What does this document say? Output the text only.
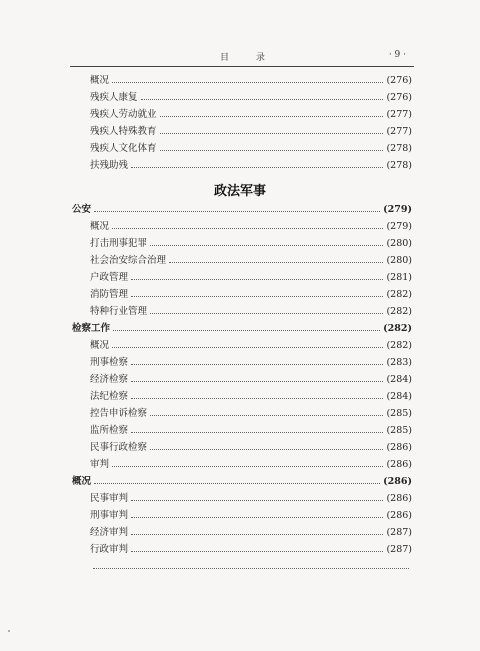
目 录	· 9 ·
概况	(276)
残疾人康复	(276)
残疾人劳动就业	(277)
残疾人特殊教育	(277)
残疾人文化体育	(278)
扶残助残	(278)
政法军事
公安	(279)
概况	(279)
打击刑事犯罪	(280)
社会治安综合治理	(280)
户政管理	(281)
消防管理	(282)
特种行业管理	(282)
检察工作	(282)
概况	(282)
刑事检察	(283)
经济检察	(284)
法纪检察	(284)
控告申诉检察	(285)
监所检察	(285)
民事行政检察	(286)
审判	(286)
概况	(286)
民事审判	(286)
刑事审判	(286)
经济审判	(287)
行政审判	(287)
